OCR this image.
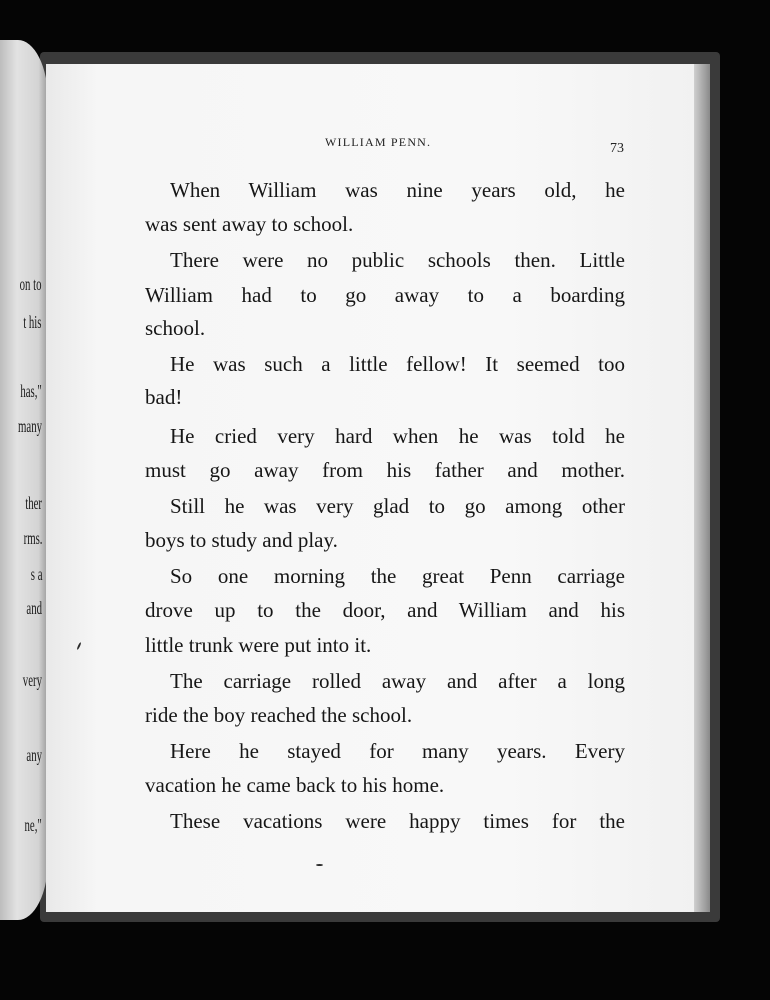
on to
t his
has,"
many
ther
rms.
s a
and
very
any
ne,"
WILLIAM PENN.	73
When William was nine years old, he
was sent away to school.
There were no public schools then. Little
William had to go away to a boarding
school.
He was such a little fellow! It seemed too
bad!
He cried very hard when he was told he
must go away from his father and mother.
Still he was very glad to go among other
boys to study and play.
So one morning the great Penn carriage
drove up to the door, and William and his
little trunk were put into it.
The carriage rolled away and after a long
ride the boy reached the school.
Here he stayed for many years. Every
vacation he came back to his home.
These vacations were happy times for the
